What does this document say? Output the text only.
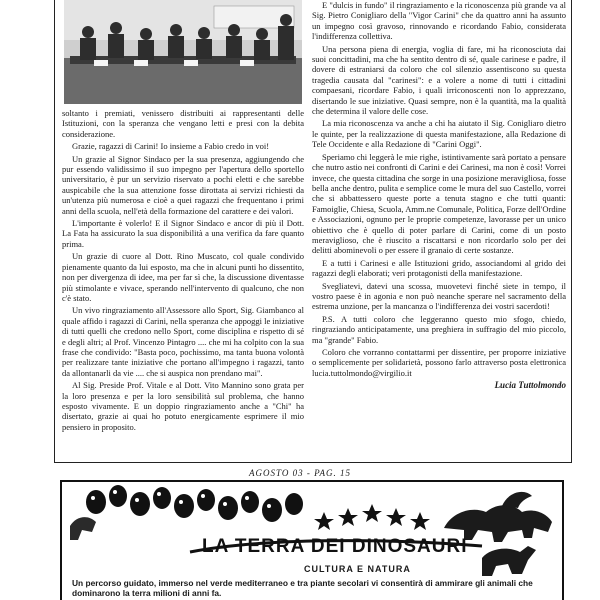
soltanto i premiati, venissero distribuiti ai rappresentanti delle Istituzioni, con la speranza che vengano letti e presi con la debita considerazione.

Grazie, ragazzi di Carini! Io insieme a Fabio credo in voi!

Un grazie al Signor Sindaco per la sua presenza, aggiungendo che pur essendo validissimo il suo impegno per l'apertura dello sportello universitario, è pur un servizio riservato a pochi eletti e che sarebbe auspicabile che la sua attenzione fosse dirottata ai servizi richiesti da un'utenza più numerosa e cioè a quei ragazzi che frequentano i primi anni della scuola, nell'età della formazione del carattere e dei valori.

L'importante è volerlo! E il Signor Sindaco e ancor di più il Dott. La Fata ha assicurato la sua disponibilità a una verifica da fare quanto prima.

Un grazie di cuore al Dott. Rino Muscato, col quale condivido pienamente quanto da lui esposto, ma che in alcuni punti ho dissentito, non per divergenza di idee, ma per far sì che, la discussione diventasse più stimolante e vivace, sperando nell'intervento di qualcuno, che non c'è stato.

Un vivo ringraziamento all'Assessore allo Sport, Sig. Giambanco al quale affido i ragazzi di Carini, nella speranza che appoggi le iniziative di tutti quelli che credono nello Sport, come disciplina e rispetto di sé e degli altri; al Prof. Vincenzo Pintagro .... che mi ha colpito con la sua frase che condivido: "Basta poco, pochissimo, ma tanta buona volontà per realizzare tante iniziative che portano all'impegno i ragazzi, tanto da allontanarli da vie .... che si auspica non prendano mai".

Al Sig. Preside Prof. Vitale e al Dott. Vito Mannino sono grata per la loro presenza e per la loro sensibilità sul problema, che hanno esposto vivamente. E un doppio ringraziamento anche a "Chi" ha disertato, grazie ai quai ho potuto energicamente esprimere il mio pensiero in proposito.

E "dulcis in fundo" il ringraziamento e la riconoscenza più grande va al Sig. Pietro Conigliaro della "Vigor Carini" che da quattro anni ha assunto un impegno così gravoso, rinnovando e ricordando Fabio, considerata l'indifferenza collettiva.

Una persona piena di energia, voglia di fare, mi ha riconosciuta dai suoi concittadini, ma che ha sentito dentro di sé, quale carinese e padre, il dovere di estraniarsi da coloro che col silenzio assentiscono su questa tragedia causata dal "carinesi": e a volere a nome di tutti i cittadini compaesani, ricordare Fabio, i quali irriconoscenti non lo apprezzano, disertando le sue iniziative. Quasi sempre, non è la quantità, ma la qualità che determina il valore delle cose.

La mia riconoscenza va anche a chi ha aiutato il Sig. Conigliaro dietro le quinte, per la realizzazione di questa manifestazione, alla Redazione di Tele Occidente e alla Redazione di "Carini Oggi".

Speriamo chi leggerà le mie righe, istintivamente sarà portato a pensare che nutro astio nei confronti di Carini e dei Carinesi, ma non è così! Vorrei invece, che questa cittadina che sorge in una posizione meravigliosa, fosse bella anche dentro, pulita e semplice come le mura del suo Castello, vorrei che si abbattessero queste porte a tenuta stagno e che tutti quanti: Famoiglie, Chiesa, Scuola, Amm.ne Comunale, Politica, Forze dell'Ordine e Associazioni, ognuno per le proprie competenze, lavorasse per un unico obiettivo che è quello di poter parlare di Carini, come di un posto meraviglioso, che è riuscito a riscattarsi e non ricordarlo solo per dei delitti abominevoli o per essere il granaio di certe sostanze.

E a tutti i Carinesi e alle Istituzioni grido, associandomi al grido dei ragazzi degli elaborati; veri protagonisti della manifestazione.

Svegliatevi, datevi una scossa, muovetevi finché siete in tempo, il vostro paese è in agonia e non può neanche sperare nel sacramento della estrema unzione, per la mancanza o l'indifferenza dei vostri sacerdoti!

P.S. A tutti coloro che leggeranno questo mio sfogo, chiedo, ringraziando anticipatamente, una preghiera in suffragio del mio piccolo, ma "grande" Fabio.

Coloro che vorranno contattarmi per dissentire, per proporre iniziative o semplicemente per solidarietà, possono farlo attraverso posta elettronica lucia.tuttolmondo@virgilio.it

Lucia Tuttolmondo
AGOSTO 03 - PAG. 15
LA TERRA DEI DINOSAURI
CULTURA E NATURA
Un percorso guidato, immerso nel verde mediterraneo e tra piante secolari vi consentirà di ammirare gli animali che dominarono la terra milioni di anni fa.
